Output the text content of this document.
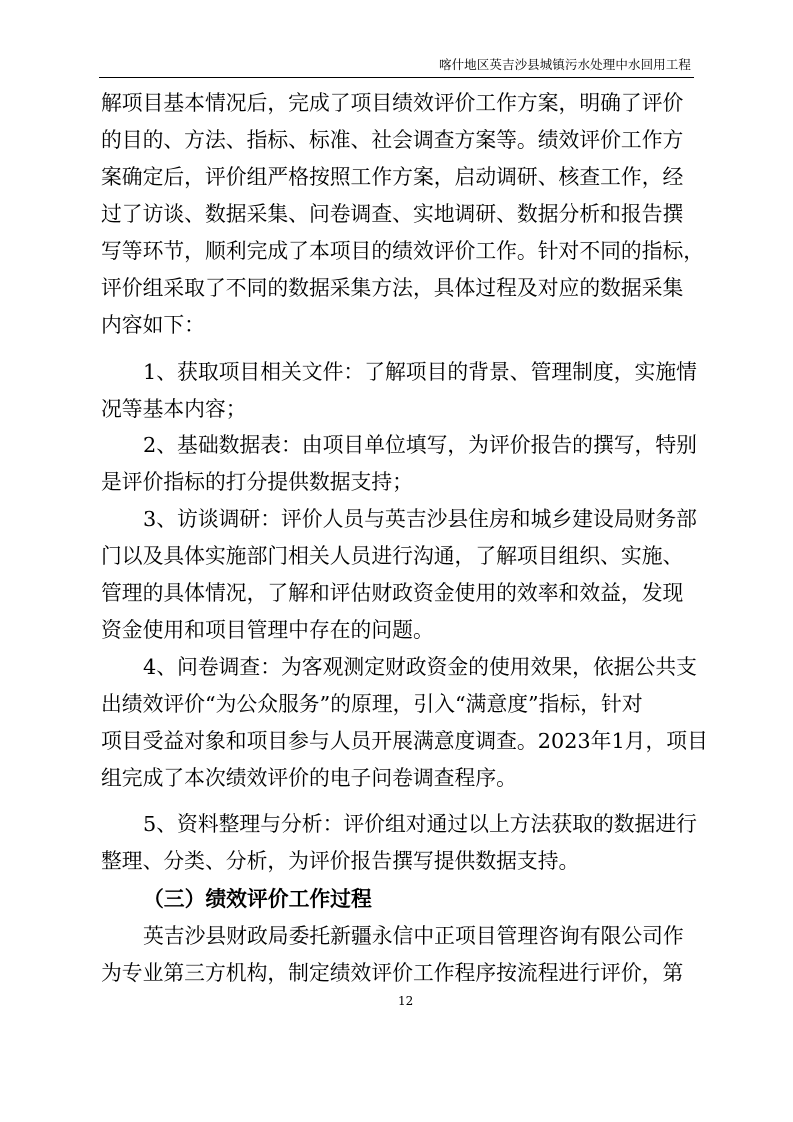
喀什地区英吉沙县城镇污水处理中水回用工程
解项目基本情况后，完成了项目绩效评价工作方案，明确了评价
的目的、方法、指标、标准、社会调查方案等。绩效评价工作方
案确定后，评价组严格按照工作方案，启动调研、核查工作，经
过了访谈、数据采集、问卷调查、实地调研、数据分析和报告撰
写等环节，顺利完成了本项目的绩效评价工作。针对不同的指标，
评价组采取了不同的数据采集方法，具体过程及对应的数据采集
内容如下：
1、获取项目相关文件：了解项目的背景、管理制度，实施情
况等基本内容；
2、基础数据表：由项目单位填写，为评价报告的撰写，特别
是评价指标的打分提供数据支持；
3、访谈调研：评价人员与英吉沙县住房和城乡建设局财务部
门以及具体实施部门相关人员进行沟通，了解项目组织、实施、
管理的具体情况，了解和评估财政资金使用的效率和效益，发现
资金使用和项目管理中存在的问题。
4、问卷调查：为客观测定财政资金的使用效果，依据公共支
出绩效评价“为公众服务”的原理，引入“满意度”指标，针对
项目受益对象和项目参与人员开展满意度调查。2023年1月，项目
组完成了本次绩效评价的电子问卷调查程序。
5、资料整理与分析：评价组对通过以上方法获取的数据进行
整理、分类、分析，为评价报告撰写提供数据支持。
（三）绩效评价工作过程
英吉沙县财政局委托新疆永信中正项目管理咨询有限公司作
为专业第三方机构，制定绩效评价工作程序按流程进行评价，第
12
